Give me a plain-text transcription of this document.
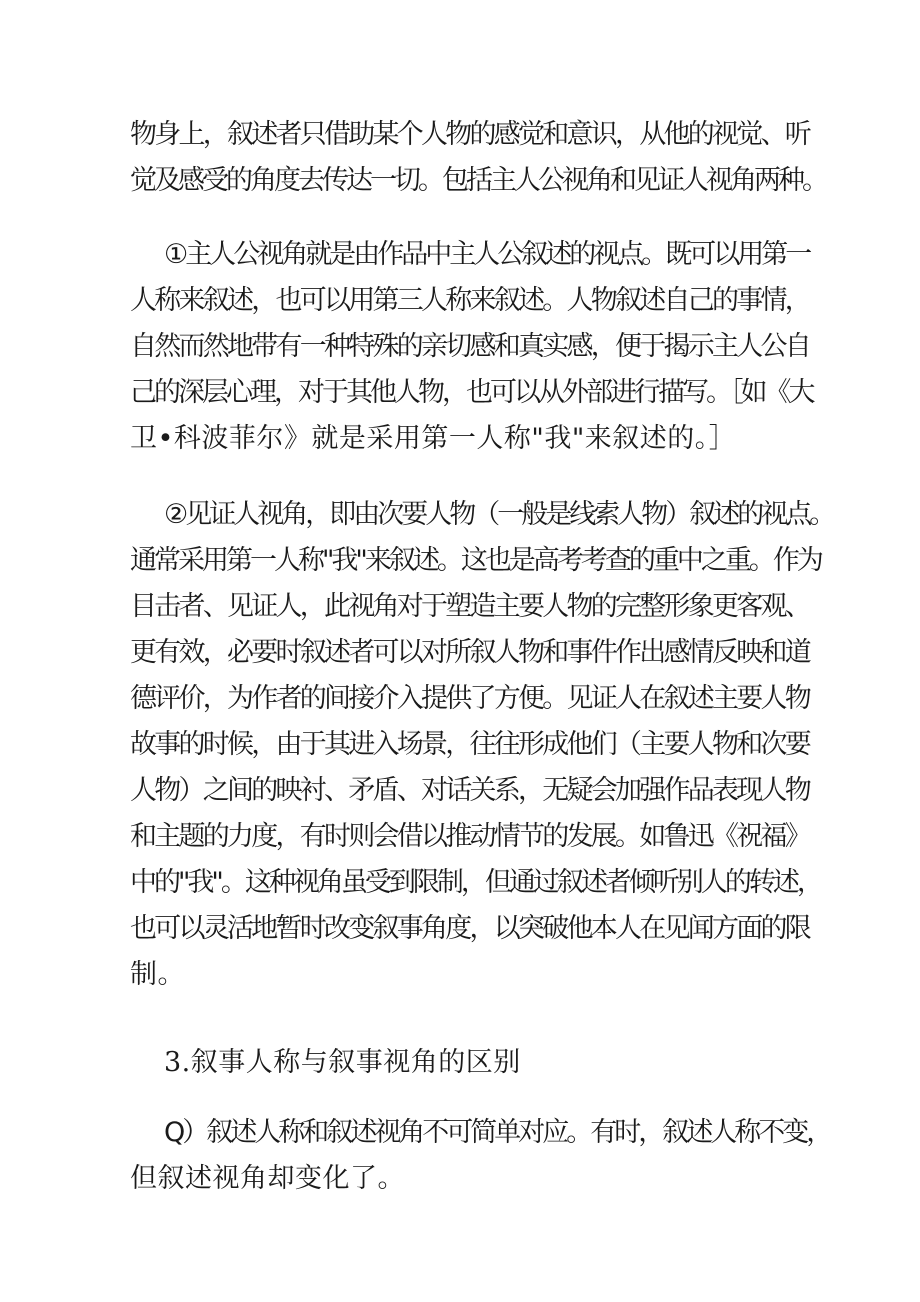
物身上，叙述者只借助某个人物的感觉和意识，从他的视觉、听
觉及感受的角度去传达一切。包括主人公视角和见证人视角两种。

①主人公视角就是由作品中主人公叙述的视点。既可以用第一
人称来叙述，也可以用第三人称来叙述。人物叙述自己的事情，
自然而然地带有一种特殊的亲切感和真实感，便于揭示主人公自
己的深层心理，对于其他人物，也可以从外部进行描写。［如《大
卫•科波菲尔》就是采用第一人称"我"来叙述的。］

②见证人视角，即由次要人物（一般是线索人物）叙述的视点。
通常采用第一人称"我"来叙述。这也是高考考查的重中之重。作为
目击者、见证人，此视角对于塑造主要人物的完整形象更客观、
更有效，必要时叙述者可以对所叙人物和事件作出感情反映和道
德评价，为作者的间接介入提供了方便。见证人在叙述主要人物
故事的时候，由于其进入场景，往往形成他们（主要人物和次要
人物）之间的映衬、矛盾、对话关系，无疑会加强作品表现人物
和主题的力度，有时则会借以推动情节的发展。如鲁迅《祝福》
中的"我"。这种视角虽受到限制，但通过叙述者倾听别人的转述，
也可以灵活地暂时改变叙事角度，以突破他本人在见闻方面的限
制。

3.叙事人称与叙事视角的区别

Q）叙述人称和叙述视角不可简单对应。有时，叙述人称不变，
但叙述视角却变化了。
